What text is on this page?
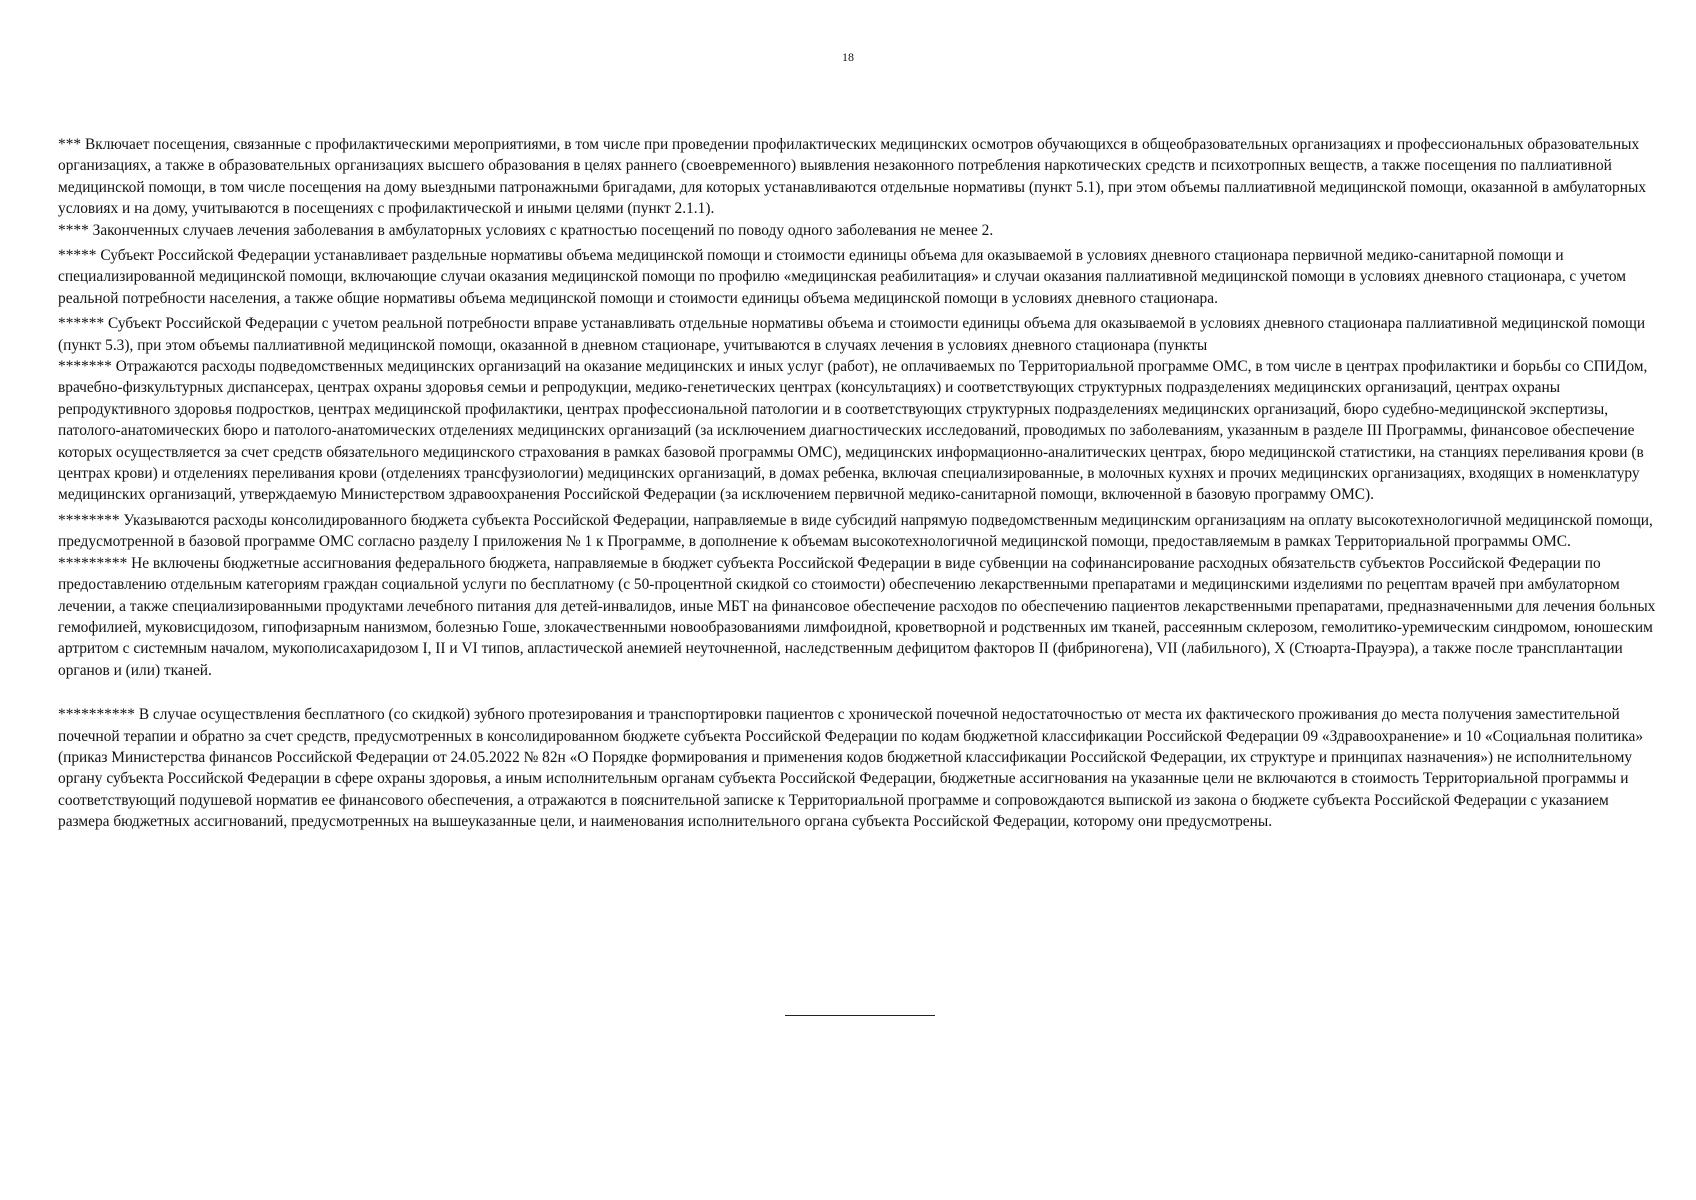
18

*** Включает посещения, связанные с профилактическими мероприятиями, в том числе при проведении профилактических медицинских осмотров обучающихся в общеобразовательных организациях и профессиональных образовательных организациях, а также в образовательных организациях высшего образования в целях раннего (своевременного) выявления незаконного потребления наркотических средств и психотропных веществ, а также посещения по паллиативной медицинской помощи, в том числе посещения на дому выездными патронажными бригадами, для которых устанавливаются отдельные нормативы (пункт 5.1), при этом объемы паллиативной медицинской помощи, оказанной в амбулаторных условиях и на дому, учитываются в посещениях с профилактической и иными целями (пункт 2.1.1).

**** Законченных случаев лечения заболевания в амбулаторных условиях с кратностью посещений по поводу одного заболевания не менее 2.

***** Субъект Российской Федерации устанавливает раздельные нормативы объема медицинской помощи и стоимости единицы объема для оказываемой в условиях дневного стационара первичной медико-санитарной помощи и специализированной медицинской помощи, включающие случаи оказания медицинской помощи по профилю «медицинская реабилитация» и случаи оказания паллиативной медицинской помощи в условиях дневного стационара, с учетом реальной потребности населения, а также общие нормативы объема медицинской помощи и стоимости единицы объема медицинской помощи в условиях дневного стационара.

****** Субъект Российской Федерации с учетом реальной потребности вправе устанавливать отдельные нормативы объема и стоимости единицы объема для оказываемой в условиях дневного стационара паллиативной медицинской помощи (пункт 5.3), при этом объемы паллиативной медицинской помощи, оказанной в дневном стационаре, учитываются в случаях лечения в условиях дневного стационара (пункты

******* Отражаются расходы подведомственных медицинских организаций на оказание медицинских и иных услуг (работ), не оплачиваемых по Территориальной программе ОМС, в том числе в центрах профилактики и борьбы со СПИДом, врачебно-физкультурных диспансерах, центрах охраны здоровья семьи и репродукции, медико-генетических центрах (консультациях) и соответствующих структурных подразделениях медицинских организаций, центрах охраны репродуктивного здоровья подростков, центрах медицинской профилактики, центрах профессиональной патологии и в соответствующих структурных подразделениях медицинских организаций, бюро судебно-медицинской экспертизы, патолого-анатомических бюро и патолого-анатомических отделениях медицинских организаций (за исключением диагностических исследований, проводимых по заболеваниям, указанным в разделе III Программы, финансовое обеспечение которых осуществляется за счет средств обязательного медицинского страхования в рамках базовой программы ОМС), медицинских информационно-аналитических центрах, бюро медицинской статистики, на станциях переливания крови (в центрах крови) и отделениях переливания крови (отделениях трансфузиологии) медицинских организаций, в домах ребенка, включая специализированные, в молочных кухнях и прочих медицинских организациях, входящих в номенклатуру медицинских организаций, утверждаемую Министерством здравоохранения Российской Федерации (за исключением первичной медико-санитарной помощи, включенной в базовую программу ОМС).

******** Указываются расходы консолидированного бюджета субъекта Российской Федерации, направляемые в виде субсидий напрямую подведомственным медицинским организациям на оплату высокотехнологичной медицинской помощи, предусмотренной в базовой программе ОМС согласно разделу I приложения № 1 к Программе, в дополнение к объемам высокотехнологичной медицинской помощи, предоставляемым в рамках Территориальной программы ОМС.

********* Не включены бюджетные ассигнования федерального бюджета, направляемые в бюджет субъекта Российской Федерации в виде субвенции на софинансирование расходных обязательств субъектов Российской Федерации по предоставлению отдельным категориям граждан социальной услуги по бесплатному (с 50-процентной скидкой со стоимости) обеспечению лекарственными препаратами и медицинскими изделиями по рецептам врачей при амбулаторном лечении, а также специализированными продуктами лечебного питания для детей-инвалидов, иные МБТ на финансовое обеспечение расходов по обеспечению пациентов лекарственными препаратами, предназначенными для лечения больных гемофилией, муковисцидозом, гипофизарным нанизмом, болезнью Гоше, злокачественными новообразованиями лимфоидной, кроветворной и родственных им тканей, рассеянным склерозом, гемолитико-уремическим синдромом, юношеским артритом с системным началом, мукополисахаридозом I, II и VI типов, апластической анемией неуточненной, наследственным дефицитом факторов II (фибриногена), VII (лабильного), X (Стюарта-Прауэра), а также после трансплантации органов и (или) тканей.

********** В случае осуществления бесплатного (со скидкой) зубного протезирования и транспортировки пациентов с хронической почечной недостаточностью от места их фактического проживания до места получения заместительной почечной терапии и обратно за счет средств, предусмотренных в консолидированном бюджете субъекта Российской Федерации по кодам бюджетной классификации Российской Федерации 09 «Здравоохранение» и 10 «Социальная политика» (приказ Министерства финансов Российской Федерации от 24.05.2022 № 82н «О Порядке формирования и применения кодов бюджетной классификации Российской Федерации, их структуре и принципах назначения») не исполнительному органу субъекта Российской Федерации в сфере охраны здоровья, а иным исполнительным органам субъекта Российской Федерации, бюджетные ассигнования на указанные цели не включаются в стоимость Территориальной программы и соответствующий подушевой норматив ее финансового обеспечения, а отражаются в пояснительной записке к Территориальной программе и сопровождаются выпиской из закона о бюджете субъекта Российской Федерации с указанием размера бюджетных ассигнований, предусмотренных на вышеуказанные цели, и наименования исполнительного органа субъекта Российской Федерации, которому они предусмотрены.
